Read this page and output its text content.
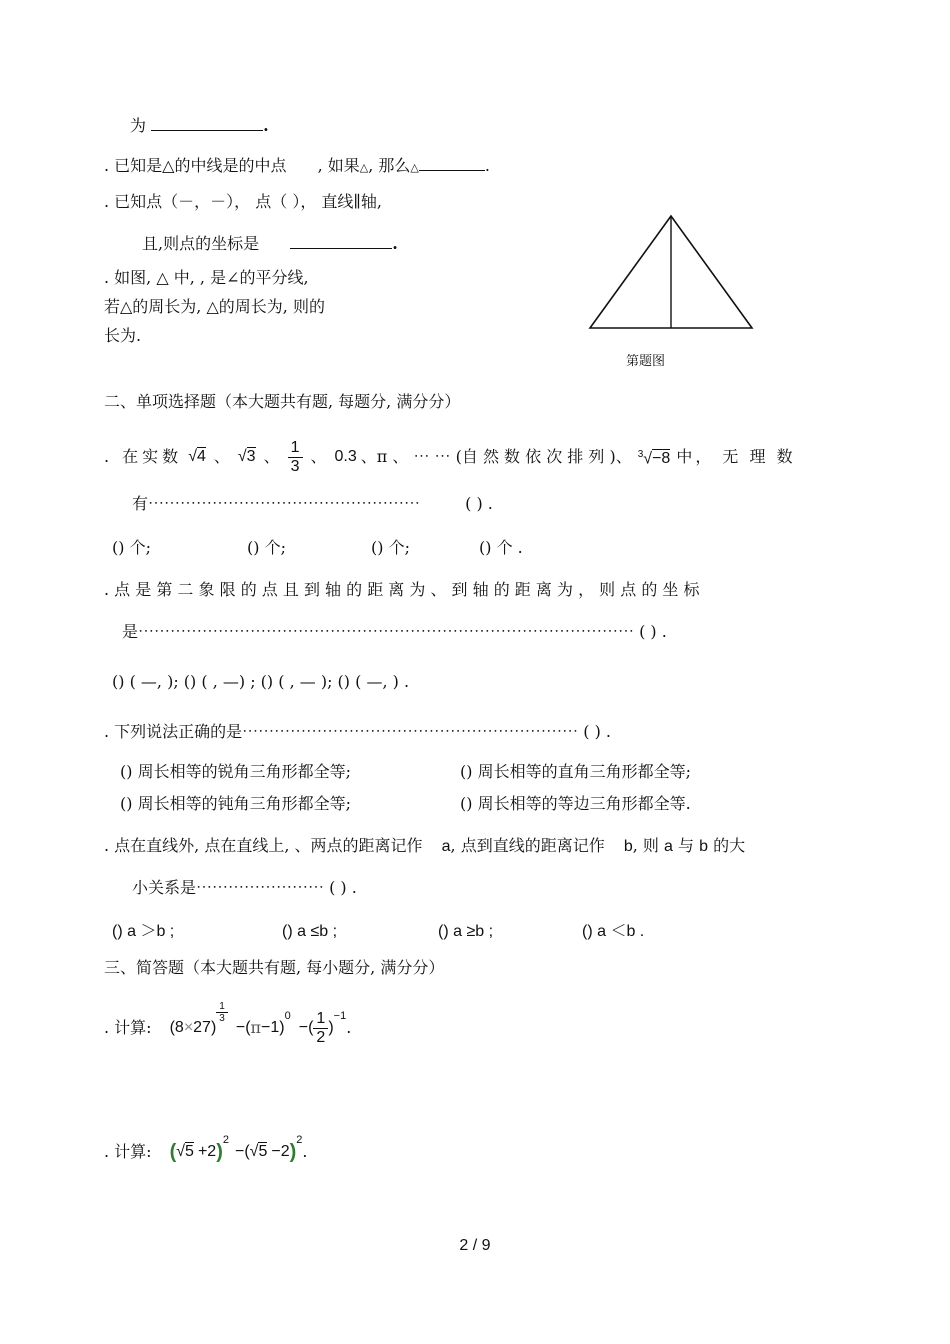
为	.
. 已知是△的中线是的中点 , 如果△, 那么△	.
. 已知点（－，－）， 点（ ）， 直线∥轴,
且,则点的坐标是	.
. 如图, △ 中, , 是∠的平分线,
若△的周长为, △的周长为, 则的
长为.
第题图
二、单项选择题（本大题共有题, 每题分, 满分分）
. 在实数 √4 、 √3 、 $\frac{1}{3}$ 、 0.3 、π 、 ⋯ ⋯ (自 然 数 依 次 排 列 )、 $^3$√−8 中， 无 理 数
有⋯⋯⋯⋯⋯⋯⋯⋯⋯⋯⋯⋯⋯⋯⋯⋯⋯	( ) .
() 个;	() 个;	() 个;	() 个 .
. 点 是 第 二 象 限 的 点 且 到 轴 的 距 离 为 、 到 轴 的 距 离 为 ， 则 点 的 坐 标
是⋯⋯⋯⋯⋯⋯⋯⋯⋯⋯⋯⋯⋯⋯⋯⋯⋯⋯⋯⋯⋯⋯⋯⋯⋯⋯⋯⋯⋯⋯⋯ ( ) .
() ( —, ); () ( , —) ; () ( , — ); () ( —, ) .
. 下列说法正确的是⋯⋯⋯⋯⋯⋯⋯⋯⋯⋯⋯⋯⋯⋯⋯⋯⋯⋯⋯⋯⋯ ( ) .
() 周长相等的锐角三角形都全等;	() 周长相等的直角三角形都全等;
() 周长相等的钝角三角形都全等;	() 周长相等的等边三角形都全等.
. 点在直线外, 点在直线上, 、两点的距离记作 a, 点到直线的距离记作 b, 则 a 与 b 的大
小关系是⋯⋯⋯⋯⋯⋯⋯⋯ ( ) .
() a ＞b ;	() a ≤b ;	() a ≥b ;	() a ＜b .
三、简答题（本大题共有题, 每小题分, 满分分）
. 计算: (8 × 27)
$\frac{1}{3}$
−( π −1)
0
−( $\frac{1}{2}$ )
−1
.
. 计算: ( √5 +2 )
2
−( √5 −2 )
2
.
2 / 9
